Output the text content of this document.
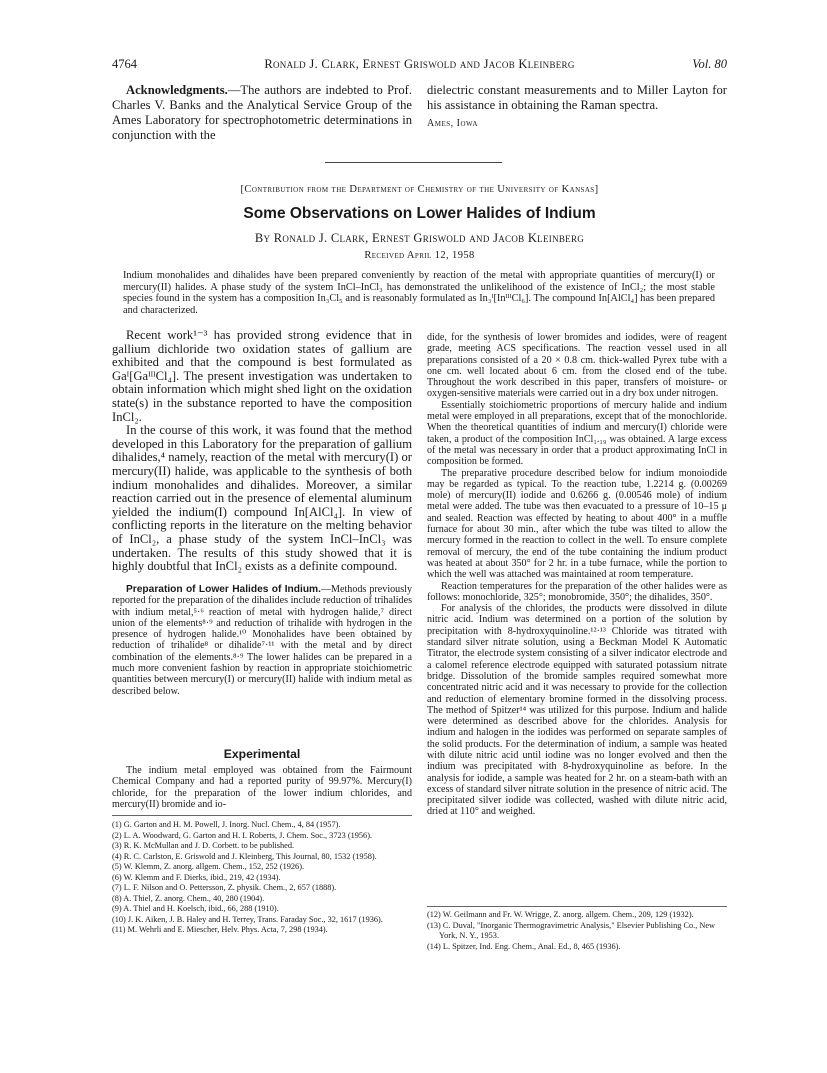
4764	Ronald J. Clark, Ernest Griswold and Jacob Kleinberg	Vol. 80

Acknowledgments.—The authors are indebted to Prof. Charles V. Banks and the Analytical Service Group of the Ames Laboratory for spectrophotometric determinations in conjunction with the

dielectric constant measurements and to Miller Layton for his assistance in obtaining the Raman spectra.

Ames, Iowa
[Contribution from the Department of Chemistry of the University of Kansas]
Some Observations on Lower Halides of Indium
By Ronald J. Clark, Ernest Griswold and Jacob Kleinberg
Received April 12, 1958
Indium monohalides and dihalides have been prepared conveniently by reaction of the metal with appropriate quantities of mercury(I) or mercury(II) halides. A phase study of the system InCl–InCl₃ has demonstrated the unlikelihood of the existence of InCl₂; the most stable species found in the system has a composition In₃Cl₅ and is reasonably formulated as In₃ᴵ[InᴵᴵᴵCl₆]. The compound In[AlCl₄] has been prepared and characterized.

Recent work¹⁻³ has provided strong evidence that in gallium dichloride two oxidation states of gallium are exhibited and that the compound is best formulated as Gaᴵ[GaᴵᴵᴵCl₄]. The present investigation was undertaken to obtain information which might shed light on the oxidation state(s) in the substance reported to have the composition InCl₂.

In the course of this work, it was found that the method developed in this Laboratory for the preparation of gallium dihalides,⁴ namely, reaction of the metal with mercury(I) or mercury(II) halide, was applicable to the synthesis of both indium monohalides and dihalides. Moreover, a similar reaction carried out in the presence of elemental aluminum yielded the indium(I) compound In[AlCl₄]. In view of conflicting reports in the literature on the melting behavior of InCl₂, a phase study of the system InCl–InCl₃ was undertaken. The results of this study showed that it is highly doubtful that InCl₂ exists as a definite compound.

Preparation of Lower Halides of Indium.—Methods previously reported for the preparation of the dihalides include reduction of trihalides with indium metal,⁵·⁶ reaction of metal with hydrogen halide,⁷ direct union of the elements⁸·⁹ and reduction of trihalide with hydrogen in the presence of hydrogen halide.¹⁰ Monohalides have been obtained by reduction of trihalide⁸ or dihalide⁷·¹¹ with the metal and by direct combination of the elements.⁸·⁹ The lower halides can be prepared in a much more convenient fashion by reaction in appropriate stoichiometric quantities between mercury(I) or mercury(II) halide with indium metal as described below.

Experimental

The indium metal employed was obtained from the Fairmount Chemical Company and had a reported purity of 99.97%. Mercury(I) chloride, for the preparation of the lower indium chlorides, and mercury(II) bromide and io-

(1) G. Garton and H. M. Powell, J. Inorg. Nucl. Chem., 4, 84 (1957).

(2) L. A. Woodward, G. Garton and H. I. Roberts, J. Chem. Soc., 3723 (1956).

(3) R. K. McMullan and J. D. Corbett. to be published.

(4) R. C. Carlston, E. Griswold and J. Kleinberg, This Journal, 80, 1532 (1958).

(5) W. Klemm, Z. anorg. allgem. Chem., 152, 252 (1926).

(6) W. Klemm and F. Dierks, ibid., 219, 42 (1934).

(7) L. F. Nilson and O. Pettersson, Z. physik. Chem., 2, 657 (1888).

(8) A. Thiel, Z. anorg. Chem., 40, 280 (1904).

(9) A. Thiel and H. Koelsch, ibid., 66, 288 (1910).

(10) J. K. Aiken, J. B. Haley and H. Terrey, Trans. Faraday Soc., 32, 1617 (1936).

(11) M. Wehrli and E. Miescher, Helv. Phys. Acta, 7, 298 (1934).

dide, for the synthesis of lower bromides and iodides, were of reagent grade, meeting ACS specifications. The reaction vessel used in all preparations consisted of a 20 × 0.8 cm. thick-walled Pyrex tube with a one cm. well located about 6 cm. from the closed end of the tube. Throughout the work described in this paper, transfers of moisture- or oxygen-sensitive materials were carried out in a dry box under nitrogen.

Essentially stoichiometric proportions of mercury halide and indium metal were employed in all preparations, except that of the monochloride. When the theoretical quantities of indium and mercury(I) chloride were taken, a product of the composition InCl₁.₁₉ was obtained. A large excess of the metal was necessary in order that a product approximating InCl in composition be formed.

The preparative procedure described below for indium monoiodide may be regarded as typical. To the reaction tube, 1.2214 g. (0.00269 mole) of mercury(II) iodide and 0.6266 g. (0.00546 mole) of indium metal were added. The tube was then evacuated to a pressure of 10–15 μ and sealed. Reaction was effected by heating to about 400° in a muffle furnace for about 30 min., after which the tube was tilted to allow the mercury formed in the reaction to collect in the well. To ensure complete removal of mercury, the end of the tube containing the indium product was heated at about 350° for 2 hr. in a tube furnace, while the portion to which the well was attached was maintained at room temperature.

Reaction temperatures for the preparation of the other halides were as follows: monochloride, 325°; monobromide, 350°; the dihalides, 350°.

For analysis of the chlorides, the products were dissolved in dilute nitric acid. Indium was determined on a portion of the solution by precipitation with 8-hydroxyquinoline.¹²·¹³ Chloride was titrated with standard silver nitrate solution, using a Beckman Model K Automatic Titrator, the electrode system consisting of a silver indicator electrode and a calomel reference electrode equipped with saturated potassium nitrate bridge. Dissolution of the bromide samples required somewhat more concentrated nitric acid and it was necessary to provide for the collection and reduction of elementary bromine formed in the dissolving process. The method of Spitzer¹⁴ was utilized for this purpose. Indium and halide were determined as described above for the chlorides. Analysis for indium and halogen in the iodides was performed on separate samples of the solid products. For the determination of indium, a sample was heated with dilute nitric acid until iodine was no longer evolved and then the indium was precipitated with 8-hydroxyquinoline as before. In the analysis for iodide, a sample was heated for 2 hr. on a steam-bath with an excess of standard silver nitrate solution in the presence of nitric acid. The precipitated silver iodide was collected, washed with dilute nitric acid, dried at 110° and weighed.

(12) W. Geilmann and Fr. W. Wrigge, Z. anorg. allgem. Chem., 209, 129 (1932).

(13) C. Duval, "Inorganic Thermogravimetric Analysis," Elsevier Publishing Co., New York, N. Y., 1953.

(14) L. Spitzer, Ind. Eng. Chem., Anal. Ed., 8, 465 (1936).
